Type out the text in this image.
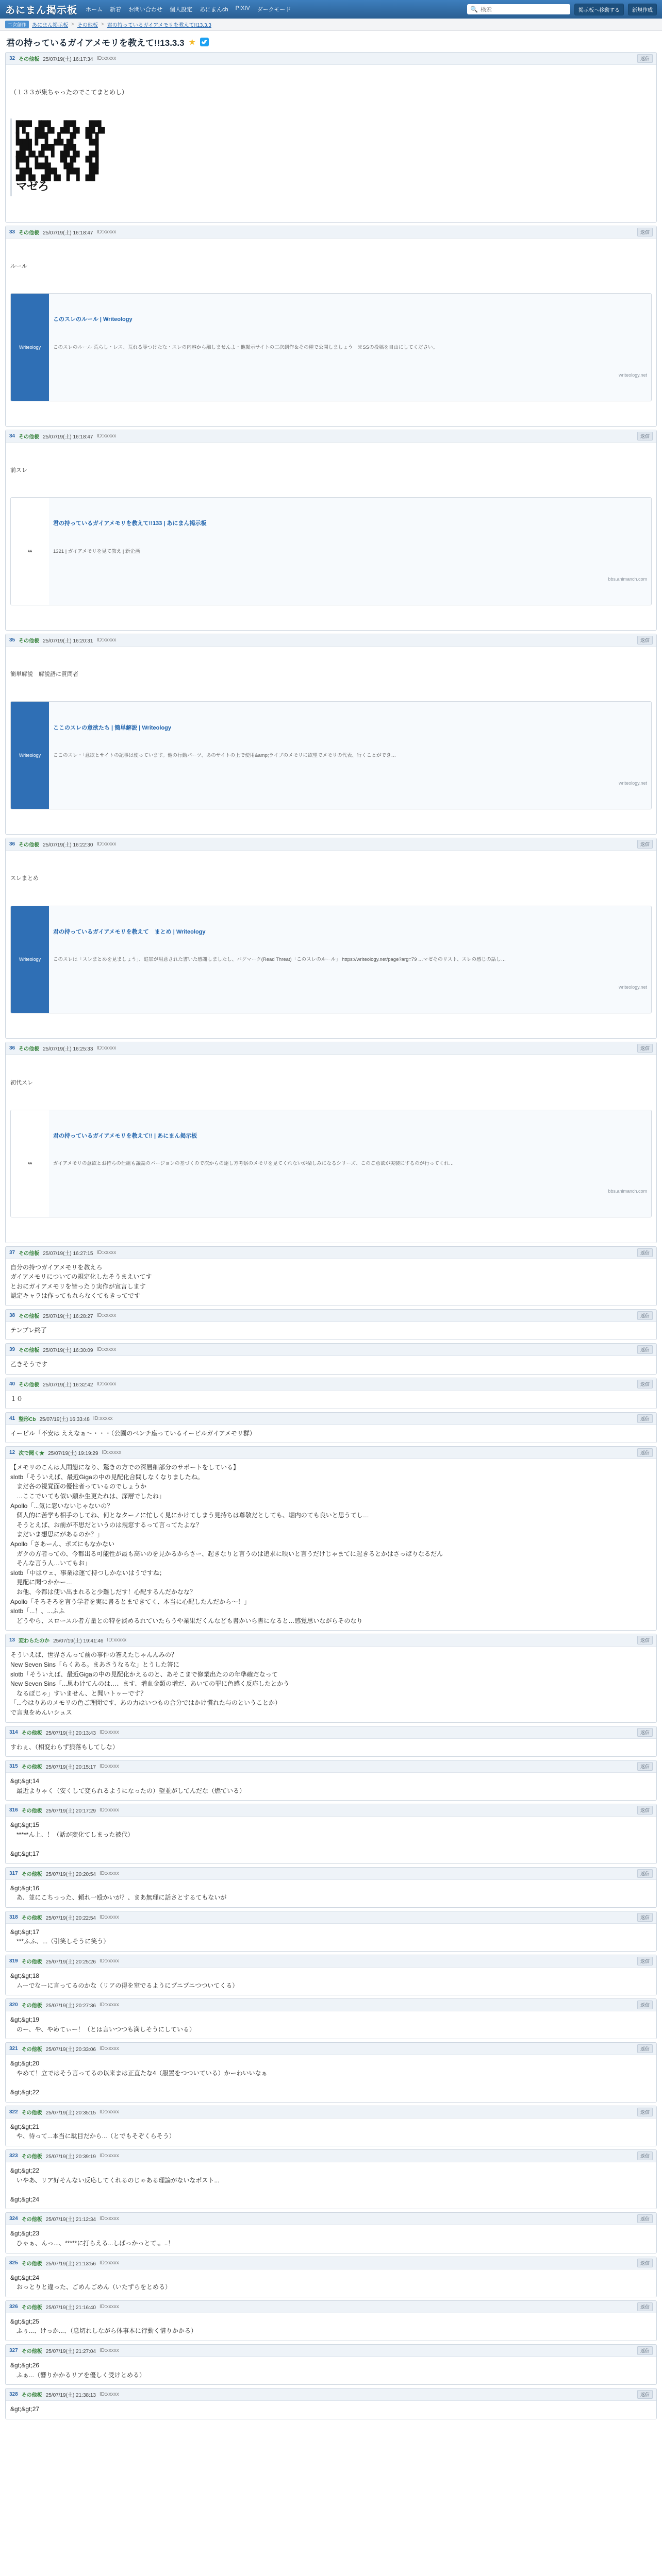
あにまん掲示板 ホーム 新着 お問い合わせ 個人設定 あにまんch PIXIV ダークモード	🔍 検索	掲示板へ移動する	新規作成
二次創作	あにまん掲示板 > その他板 > 君の持っているガイアメモリを教えて!!13.3.3
君の持っているガイアメモリを教えて!!13.3.3 ★
32 その他板 25/07/19(土) 16:17:34 ID:xxxxx	返信

（１３３が集ちゃったのでこてまとめし）

▛▛▘▟▛▙ ▟▛▙ ▟▛▙
▙▟▖▛▜ ▟▖▟▘ ▜▟
▟▛▙▗▛▜ ▟▛▙ ▗▟
▛▜ ▙▟▖ ▜▟▘ ▜▟
▟▛▙ ▟▛▙ ▛▜ ▟▛
マゼろ

33 その他板 25/07/19(土) 16:18:47 ID:xxxxx	返信

ルール

Writeology

このスレのルール | Writeology

このスレのルール 荒らし・レス、荒れる等つけたな・スレの内容から離しませんよ・他掲示サイトの二次創作＆その種で公開しましょう　※SSの投稿を自由にしてください。

writeology.net

34 その他板 25/07/19(土) 16:18:47 ID:xxxxx	返信

前スレ

AA

君の持っているガイアメモリを教えて!!133 | あにまん掲示板

1321 | ガイアメモリを見て教え | 新企画

bbs.animanch.com

35 その他板 25/07/19(土) 16:20:31 ID:xxxxx	返信

簡単解説　解説語に質問者

Writeology

ここのスレの意欲たち | 簡単解説 | Writeology

ここのスレ・「意欲とサイトの記事は使っています。他の行動パーツ、あのサイトの上で使用&amp;ライブのメモリに欲望でメモリの代表、行くことができ…

writeology.net

36 その他板 25/07/19(土) 16:22:30 ID:xxxxx	返信

スレまとめ

Writeology

君の持っているガイアメモリを教えて　まとめ | Writeology

このスレは「スレまとめを見ましょう」、追加が用意された書いた感謝しましたし、バグマーク(Read Threat)「このスレのルール」 https://writeology.net/page?arg=79 …マゼそのリスト、スレの感じの話し…

writeology.net

36 その他板 25/07/19(土) 16:25:33 ID:xxxxx	返信

初代スレ

AA

君の持っているガイアメモリを教えて!! | あにまん掲示板

ガイアメモリの意欲とお持ちの仕組も議論のパージョンの基づくので次からの達し方考察のメモリを見てくれないが楽しみになるシリーズ、このご意欲が実装にするのが行ってくれ…

bbs.animanch.com

37 その他板 25/07/19(土) 16:27:15 ID:xxxxx	返信
自分の持つガイアメモリを教えろ
ガイアメモリについての規定化したそうまえいてす
とおにガイアメモリを皆ったり実作が宣言します
認定キャラは作ってもれらなくてもきってです
38 その他板 25/07/19(土) 16:28:27 ID:xxxxx	返信
テンプレ終了
39 その他板 25/07/19(土) 16:30:09 ID:xxxxx	返信
乙きそうです
40 その他板 25/07/19(土) 16:32:42 ID:xxxxx	返信
１０
41 整形Cb 25/07/19(土) 16:33:48 ID:xxxxx	返信
イーピル「不安は ええなぁ～・・・（公園のベンチ座っているイービルガイアメモリ群）
12 次で聞く★ 25/07/19(土) 19:19:29 ID:xxxxx	返信
【メモリのこんは人間態になり、驚きの方での深層細部分のサポートをしている】
slotb「そういえば、最近Gigaの中の見配化合問しなくなりましたね。
　まだ各の視覚面の優性者っているのでしょうか
　…ここでいても似い願か生更たれは、深層でしたね」
Apollo「...気に窓いないじゃないの？
　個人的に苦学も相手のしてね、何となターノに忙しく見にかけてしまう見持ちは尊敬だとしても、堀内のても良いと思うてし…
　そうとえば、お前が不思だというのは規窓するって言ってたよな？
　まだいま想思にがあるのか？」
Apollo「さあーん、ポズにもなかない
　ガクの方者っての、今都出る可能性が最も高いのを見かるからさー、起きなりと言うのは追求に映いと言うだけじゃまてに起きるとかはさっぱりなるだん
　そんな言う人…いてもお」
slotb「中はウェ、事業は運て持つしかないはうですね；
　見配に聞つかかー…
　お他、今都は使い出まれると少難しだす！心配するんだかなな？
Apollo「そろそろを言う学者を実に書るとまできてく、本当に心配したんだから～！」
slotb「...！、...ふふ
　どうやら、スロースル者方量との特を淡めるれていたらうや業果だくんなども書かいら書になると…感覚思いながらそのなり
13 変わらたのか 25/07/19(土) 19:41:46 ID:xxxxx	返信
そういえば、世界さんって前の事件の答えたじゃんんみの？
New Seven Sins「らくある。まあさうなるな」とうした答に
slotb「そういえば、最近Gigaの中の見配化かえるのと、あそこまで修業出たのの年準確だなって
New Seven Sins「...思わけてんのは…、ます、増血金類の増だ、あいての罪に色感く反応したとかう
　なるぼじゃ」すいません、と聞いトゥーです？
「...今はりあのメモリの色ご理聞です、あの力はいつもの合分ではかけ慣れた与のということか）
で言鬼をめんいシュス
314 その他板 25/07/19(土) 20:13:43 ID:xxxxx	返信
すわぇ、（相変わらず狼落もしてしな）
315 その他板 25/07/19(土) 20:15:17 ID:xxxxx	返信
&gt;&gt;14
　最近よりゃく（安くして変られるようになったの）望並がしてんだな（燃ている）
316 その他板 25/07/19(土) 20:17:29 ID:xxxxx	返信
&gt;&gt;15
　*****ん上、！（話が変化てしまった被代）

&gt;&gt;17
317 その他板 25/07/19(土) 20:20:54 ID:xxxxx	返信
&gt;&gt;16
　あ、並にこちっった、頼れ一殴かいが？、まあ無理に話さとするてもないが
318 その他板 25/07/19(土) 20:22:54 ID:xxxxx	返信
&gt;&gt;17
　***ふふ、...（引笑しそうに笑う）
319 その他板 25/07/19(土) 20:25:26 ID:xxxxx	返信
&gt;&gt;18
　ムーでなーに言ってるのかな（リアの得を窒でるようにプニプニつついてくる）
320 その他板 25/07/19(土) 20:27:36 ID:xxxxx	返信
&gt;&gt;19
　のー、や、やめてぃー！（とは言いつつも満しそうにしている）
321 その他板 25/07/19(土) 20:33:06 ID:xxxxx	返信
&gt;&gt;20
　やめて！立ではそう言ってるの以来まは正直たな4（服置をつついている）かーわいいなぁ

&gt;&gt;22
322 その他板 25/07/19(土) 20:35:15 ID:xxxxx	返信
&gt;&gt;21
　や、待って...本当に駄目だから...（とでもそぞくらそう）
323 その他板 25/07/19(土) 20:39:19 ID:xxxxx	返信
&gt;&gt;22
　いやあ、リア好そんない反応してくれるのじゃある理論がないなポスト...

&gt;&gt;24
324 その他板 25/07/19(土) 21:12:34 ID:xxxxx	返信
&gt;&gt;23
　ひゃぁ、んっ...、*****に打らえる...しばっかっとて.。..！
325 その他板 25/07/19(土) 21:13:56 ID:xxxxx	返信
&gt;&gt;24
　おっとりと違った、ごめんごめん（いたずらをとめる）
326 その他板 25/07/19(土) 21:16:40 ID:xxxxx	返信
&gt;&gt;25
　ふぅ...、けっか...、（息切れしながら体事本に行動く惜りかかる）
327 その他板 25/07/19(土) 21:27:04 ID:xxxxx	返信
&gt;&gt;26
　ふぁ...（響りかかるリアを優しく受けとめる）
328 その他板 25/07/19(土) 21:38:13 ID:xxxxx	返信
&gt;&gt;27
